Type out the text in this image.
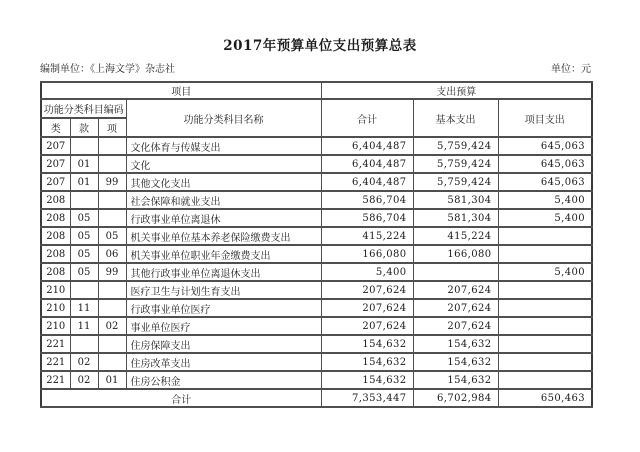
2017年预算单位支出预算总表
编制单位：《上海文学》杂志社	单位：元
项目				支出预算		
功能分类科目编码			功能分类科目名称	合计	基本支出	项目支出
类	款	项				
207			文化体育与传媒支出	6,404,487	5,759,424	645,063
207	01		文化	6,404,487	5,759,424	645,063
207	01	99	其他文化支出	6,404,487	5,759,424	645,063
208			社会保障和就业支出	586,704	581,304	5,400
208	05		行政事业单位离退休	586,704	581,304	5,400
208	05	05	机关事业单位基本养老保险缴费支出	415,224	415,224	
208	05	06	机关事业单位职业年金缴费支出	166,080	166,080	
208	05	99	其他行政事业单位离退休支出	5,400		5,400
210			医疗卫生与计划生育支出	207,624	207,624	
210	11		行政事业单位医疗	207,624	207,624	
210	11	02	事业单位医疗	207,624	207,624	
221			住房保障支出	154,632	154,632	
221	02		住房改革支出	154,632	154,632	
221	02	01	住房公积金	154,632	154,632	
合计				7,353,447	6,702,984	650,463
